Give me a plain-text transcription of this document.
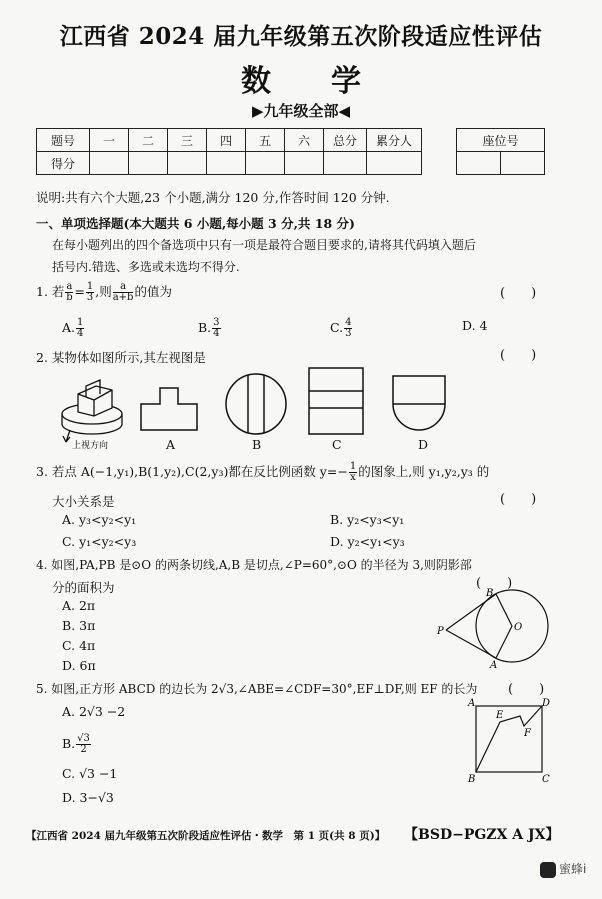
江西省 2024 届九年级第五次阶段适应性评估
数　　学
▶九年级全部◀
题号	一	二	三	四	五	六	总分	累分人
得分								
座位号

说明:共有六个大题,23 个小题,满分 120 分,作答时间 120 分钟.
一、单项选择题(本大题共 6 小题,每小题 3 分,共 18 分)
在每小题列出的四个备选项中只有一项是最符合题目要求的,请将其代码填入题后
括号内.错选、多选或未选均不得分.
1. 若 $\frac{a}{b} = \frac{1}{3}$ ,则 $\frac{a}{a+b}$ 的值为	(　　)
A. $\frac{1}{4}$	B. $\frac{3}{4}$	C. $\frac{4}{3}$	D. 4
2. 某物体如图所示,其左视图是	(　　)
上视方向	A	B	C	D
3. 若点 A(−1,y₁),B(1,y₂),C(2,y₃)都在反比例函数 $y=- \frac{1}{x}$ 的图象上,则 y₁,y₂,y₃ 的
大小关系是	(　　)
A. y₃<y₂<y₁	B. y₂<y₃<y₁
C. y₁<y₂<y₃	D. y₂<y₁<y₃
4. 如图,PA,PB 是⊙O 的两条切线,A,B 是切点,∠P=60°,⊙O 的半径为 3,则阴影部
分的面积为	(　　)
A. 2π
B. 3π
C. 4π
D. 6π
B
O
P
A
5. 如图,正方形 ABCD 的边长为 2√3,∠ABE=∠CDF=30°,EF⊥DF,则 EF 的长为 (　　)
A. 2√3 −2
B. $\frac{√3}{2}$
C. √3 −1
D. 3−√3
A	D
E
F
B	C
【江西省 2024 届九年级第五次阶段适应性评估・数学　第 1 页(共 8 页)】 【BSD−PGZX A JX】
蜜蜂i
